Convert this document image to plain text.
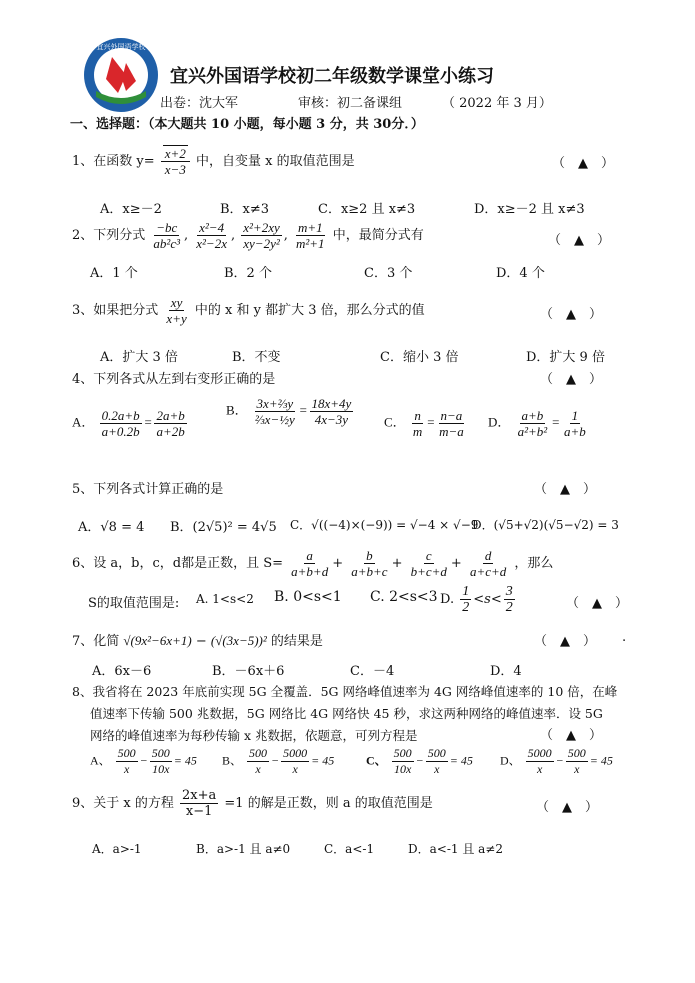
宜兴外国语学校
宜兴外国语学校初二年级数学课堂小练习
出卷：沈大军	审核：初二备课组	（ 2022 年 3 月）
一、选择题：（本大题共 10 小题，每小题 3 分，共 30分．）
1、在函数 $y= \frac{x+2}{x-3}$ 中，自变量 x 的取值范围是	（　▲　）
A．x≥－2	B．x≠3	C．x≥2 且 x≠3	D．x≥－2 且 x≠3
2、下列分式 $\frac{-bc}{\text{ab²c³}}$ , $\frac{\text{x²−4}}{\text{x²−2x}}$ , $\frac{\text{x²+2xy}}{\text{xy−2y²}}$ , $\frac{m+1}{\text{m²+1}}$ 中，最简分式有	（　▲　）
A．1 个	B．2 个	C．3 个	D．4 个
3、如果把分式 $\frac{xy}{x+y}$ 中的 x 和 y 都扩大 3 倍，那么分式的值	（　▲　）
A．扩大 3 倍	B．不变	C．缩小 3 倍	D．扩大 9 倍
4、下列各式从左到右变形正确的是	（　▲　）
A． $\frac{0.2a+b}{a+0.2b} = \frac{2a+b}{a+2b}$	B． $\frac{\text{3x+⅔y}}{\text{⅔x−½y}} = \frac{18x+4y}{4x-3y}$ C． $\frac{n}{m} = \frac{n-a}{m-a}$ D． $\frac{a+b}{\text{a²+b²}} = \frac{1}{a+b}$
5、下列各式计算正确的是	（　▲　）
A．√8 = 4 B．(2√5)² = 4√5 C．√((−4)×(−9)) = √−4 × √−9
D．(√5+√2)(√5−√2) = 3
6、设 a，b，c，d都是正数，且 $S= \frac{a}{a+b+d} + \frac{b}{a+b+c} + \frac{c}{b+c+d} + \frac{d}{a+c+d}$ ，那么
S的取值范围是: A. 1<s<2 B. 0<s<1 C. 2<s<3 D. $\frac{1}{2} <s< \frac{3}{2}$	（　▲　）
7、化简 √(9x²−6x+1) − (√(3x−5))² 的结果是	（　▲　） .
A．6x－6	B．－6x＋6	C．－4	D．4
8、我省将在 2023 年底前实现 5G 全覆盖．5G 网络峰值速率为 4G 网络峰值速率的 10 倍，在峰
值速率下传输 500 兆数据，5G 网络比 4G 网络快 45 秒，求这两种网络的峰值速率．设 5G
网络的峰值速率为每秒传输 x 兆数据，依题意，可列方程是	（　▲　）
A、 $\frac{500}{x} - \frac{500}{10x} = 45$ B、 $\frac{500}{x} - \frac{5000}{x} = 45$	C、 $\frac{500}{10x} - \frac{500}{x} = 45$ D、 $\frac{5000}{x} - \frac{500}{x} = 45$
9、关于 x 的方程 $\frac{2x+a}{x-1} =1$ 的解是正数，则 a 的取值范围是	（　▲　）
A．a>-1	B．a>-1 且 a≠0	C．a<-1	D．a<-1 且 a≠2
